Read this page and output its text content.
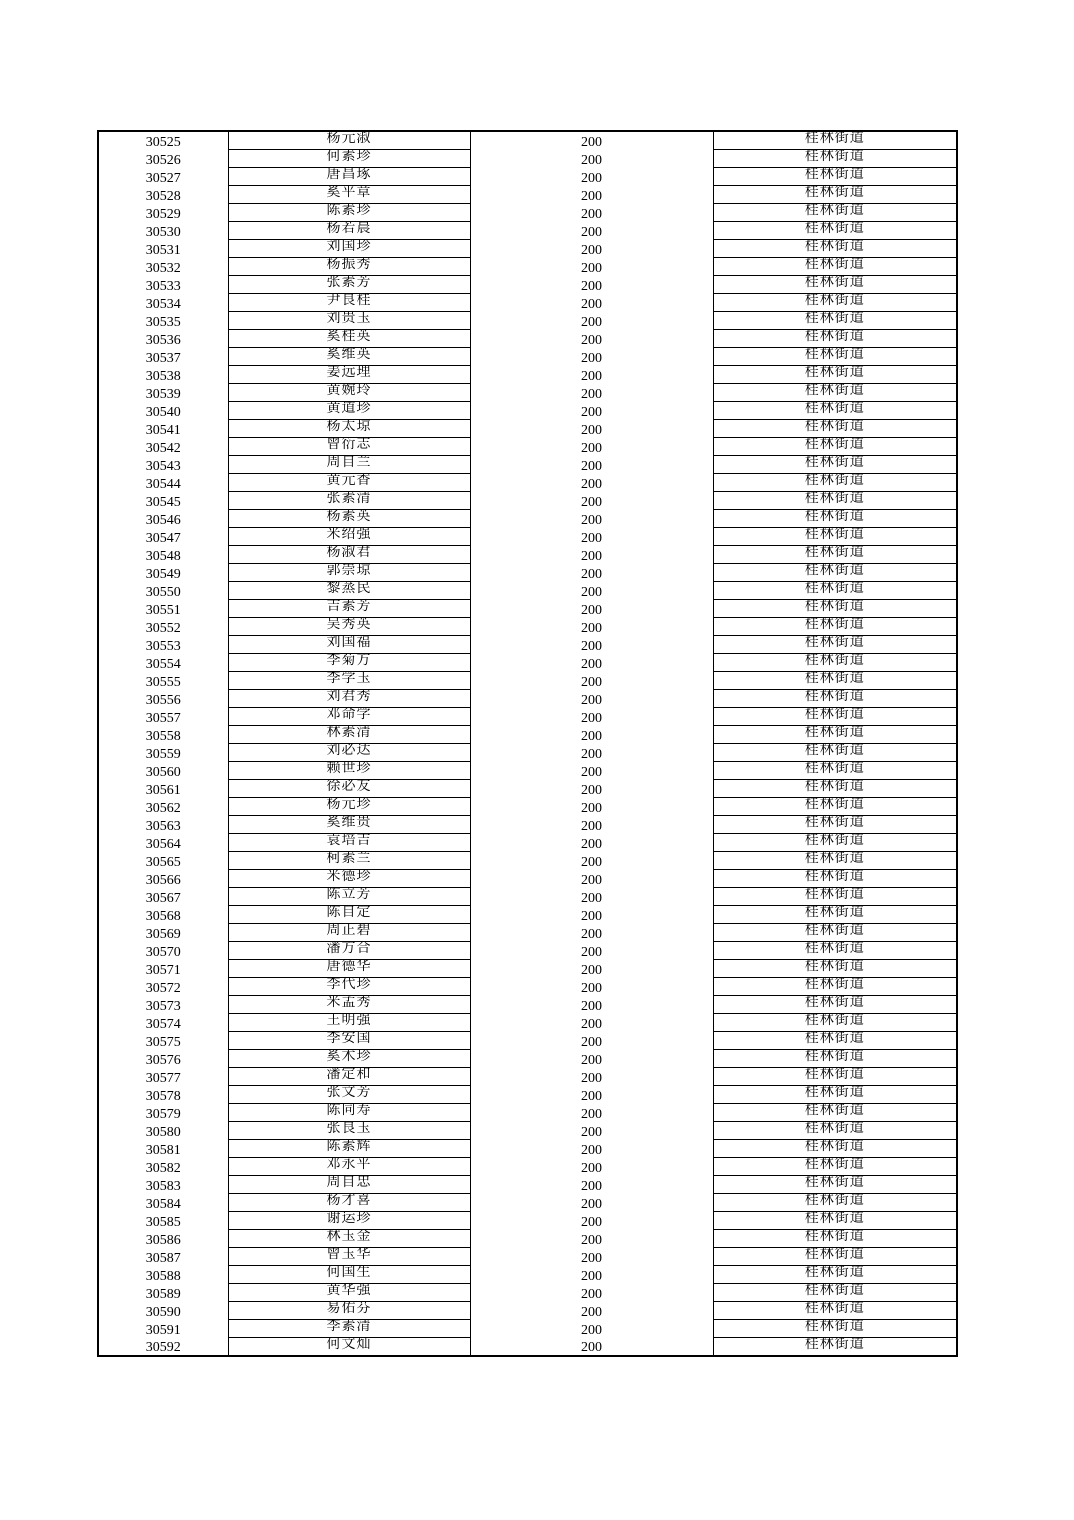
30525	杨元淑	200	桂林街道
30526	何素珍	200	桂林街道
30527	唐昌琢	200	桂林街道
30528	奚平章	200	桂林街道
30529	陈素珍	200	桂林街道
30530	杨若晨	200	桂林街道
30531	刘国珍	200	桂林街道
30532	杨振秀	200	桂林街道
30533	张素芳	200	桂林街道
30534	尹良桂	200	桂林街道
30535	刘贵玉	200	桂林街道
30536	奚桂英	200	桂林街道
30537	奚维英	200	桂林街道
30538	姜远理	200	桂林街道
30539	黄婉玲	200	桂林街道
30540	黄道珍	200	桂林街道
30541	杨太琼	200	桂林街道
30542	曾衍志	200	桂林街道
30543	周自兰	200	桂林街道
30544	黄元香	200	桂林街道
30545	张素清	200	桂林街道
30546	杨素英	200	桂林街道
30547	米绍强	200	桂林街道
30548	杨淑君	200	桂林街道
30549	郭崇琼	200	桂林街道
30550	黎蒸民	200	桂林街道
30551	吉素芳	200	桂林街道
30552	吴秀英	200	桂林街道
30553	刘国福	200	桂林街道
30554	李菊方	200	桂林街道
30555	李学玉	200	桂林街道
30556	刘君秀	200	桂林街道
30557	邓命学	200	桂林街道
30558	林素清	200	桂林街道
30559	刘必达	200	桂林街道
30560	赖世珍	200	桂林街道
30561	徐必友	200	桂林街道
30562	杨元珍	200	桂林街道
30563	奚维贵	200	桂林街道
30564	袁培吉	200	桂林街道
30565	柯素兰	200	桂林街道
30566	米德珍	200	桂林街道
30567	陈立芳	200	桂林街道
30568	陈自定	200	桂林街道
30569	周正碧	200	桂林街道
30570	潘方合	200	桂林街道
30571	唐德华	200	桂林街道
30572	李代珍	200	桂林街道
30573	米孟秀	200	桂林街道
30574	王明强	200	桂林街道
30575	李安国	200	桂林街道
30576	奚术珍	200	桂林街道
30577	潘定和	200	桂林街道
30578	张文芳	200	桂林街道
30579	陈同寿	200	桂林街道
30580	张良玉	200	桂林街道
30581	陈素辉	200	桂林街道
30582	邓永平	200	桂林街道
30583	周自忠	200	桂林街道
30584	杨才喜	200	桂林街道
30585	谢运珍	200	桂林街道
30586	林玉金	200	桂林街道
30587	曾玉华	200	桂林街道
30588	何国生	200	桂林街道
30589	黄华强	200	桂林街道
30590	易佑芬	200	桂林街道
30591	李素清	200	桂林街道
30592	何文灿	200	桂林街道
